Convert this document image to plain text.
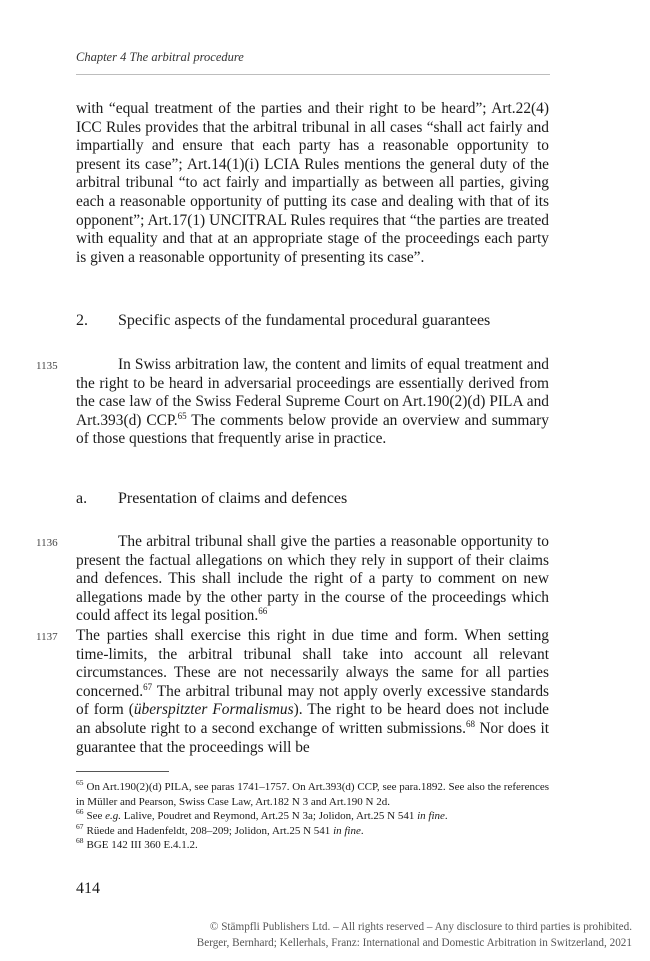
Chapter 4 The arbitral procedure

with “equal treatment of the parties and their right to be heard”; Art.22(4) ICC Rules provides that the arbitral tribunal in all cases “shall act fairly and impartially and ensure that each party has a reasonable opportunity to present its case”; Art.14(1)(i) LCIA Rules mentions the general duty of the arbitral tribunal “to act fairly and impartially as between all parties, giving each a reasonable opportunity of putting its case and dealing with that of its opponent”; Art.17(1) UNCITRAL Rules requires that “the parties are treated with equality and that at an appropriate stage of the proceedings each party is given a reasonable opportunity of presenting its case”.

2. Specific aspects of the fundamental procedural guarantees
1135	In Swiss arbitration law, the content and limits of equal treatment and the right to be heard in adversarial proceedings are essentially derived from the case law of the Swiss Federal Supreme Court on Art.190(2)(d) PILA and Art.393(d) CCP.$^{65}$ The comments below provide an overview and summary of those questions that frequently arise in practice.

a. Presentation of claims and defences
1136	The arbitral tribunal shall give the parties a reasonable opportunity to present the factual allegations on which they rely in support of their claims and defences. This shall include the right of a party to comment on new allegations made by the other party in the course of the proceedings which could affect its legal position.$^{66}$

1137 The parties shall exercise this right in due time and form. When setting time-limits, the arbitral tribunal shall take into account all relevant circumstances. These are not necessarily always the same for all parties concerned.$^{67}$ The arbitral tribunal may not apply overly excessive standards of form (überspitzter Formalismus). The right to be heard does not include an absolute right to a second exchange of written submissions.$^{68}$ Nor does it guarantee that the proceedings will be

$^{65}$ On Art.190(2)(d) PILA, see paras 1741–1757. On Art.393(d) CCP, see para.1892. See also the references in Müller and Pearson, Swiss Case Law, Art.182 N 3 and Art.190 N 2d.

$^{66}$ See e.g. Lalive, Poudret and Reymond, Art.25 N 3a; Jolidon, Art.25 N 541 in fine.

$^{67}$ Rüede and Hadenfeldt, 208–209; Jolidon, Art.25 N 541 in fine.

$^{68}$ BGE 142 III 360 E.4.1.2.

414
© Stämpfli Publishers Ltd. – All rights reserved – Any disclosure to third parties is prohibited.
Berger, Bernhard; Kellerhals, Franz: International and Domestic Arbitration in Switzerland, 2021
